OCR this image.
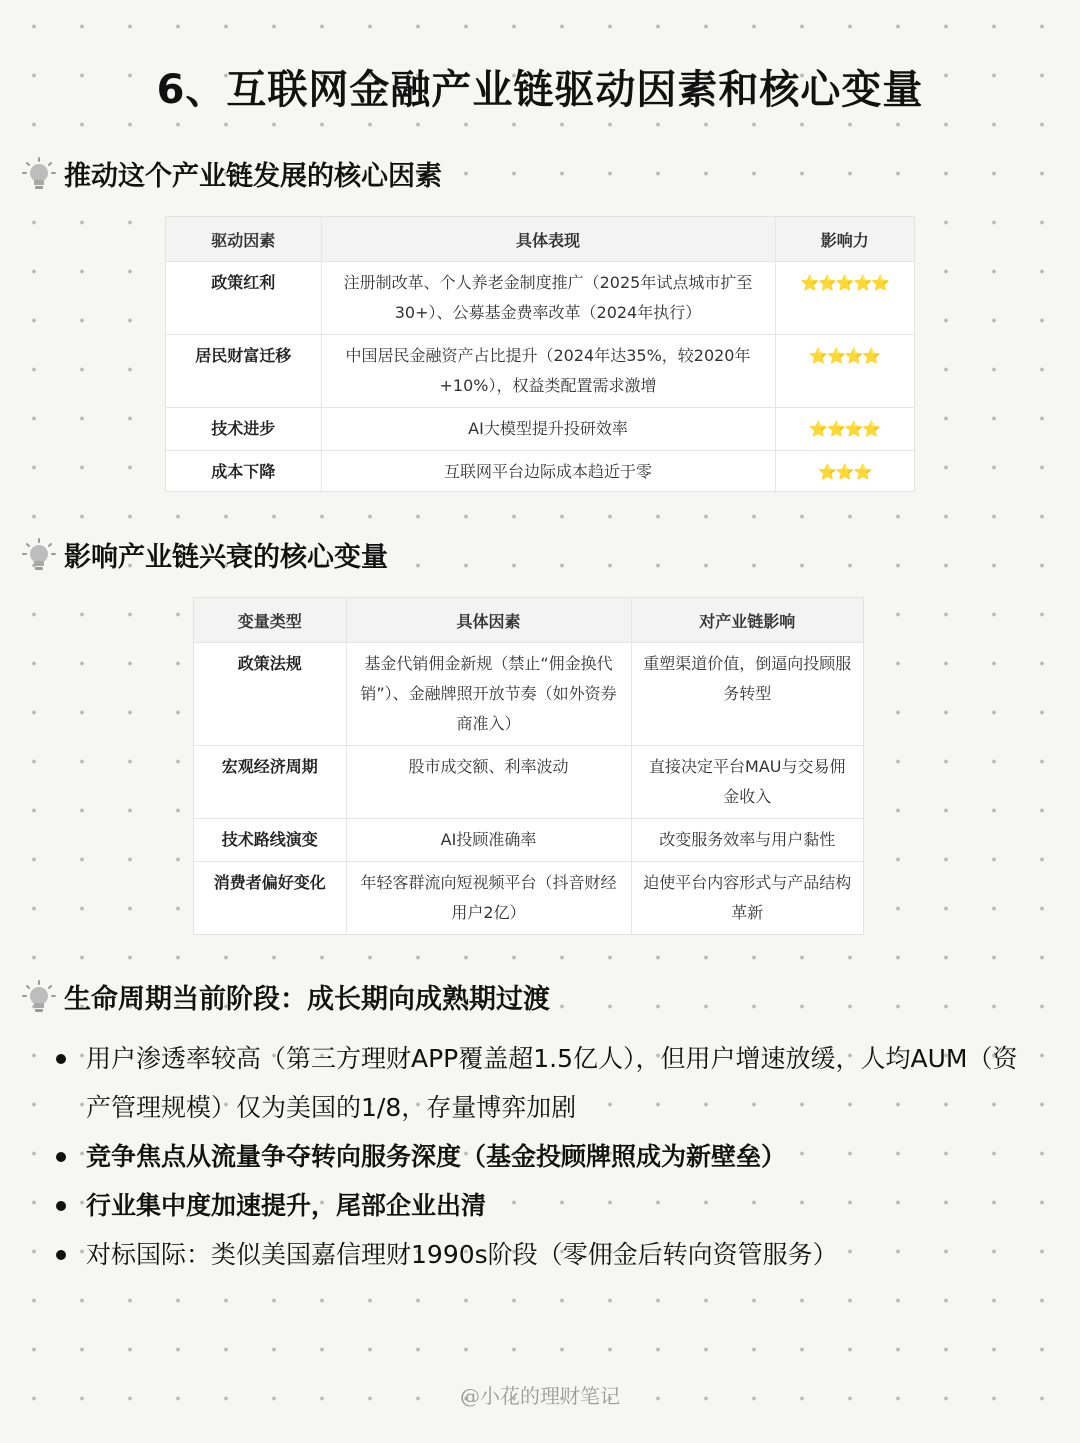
6、互联网金融产业链驱动因素和核心变量
推动这个产业链发展的核心因素
驱动因素	具体表现	影响力
政策红利	注册制改革、个人养老金制度推广（2025年试点城市扩至30+）、公募基金费率改革（2024年执行）	⭐⭐⭐⭐⭐
居民财富迁移	中国居民金融资产占比提升（2024年达35%，较2020年+10%），权益类配置需求激增	⭐⭐⭐⭐
技术进步	AI大模型提升投研效率	⭐⭐⭐⭐
成本下降	互联网平台边际成本趋近于零	⭐⭐⭐
影响产业链兴衰的核心变量
变量类型	具体因素	对产业链影响
政策法规	基金代销佣金新规（禁止“佣金换代销”）、金融牌照开放节奏（如外资券商准入）	重塑渠道价值，倒逼向投顾服务转型
宏观经济周期	股市成交额、利率波动	直接决定平台MAU与交易佣金收入
技术路线演变	AI投顾准确率	改变服务效率与用户黏性
消费者偏好变化	年轻客群流向短视频平台（抖音财经用户2亿）	迫使平台内容形式与产品结构革新
生命周期当前阶段：成长期向成熟期过渡
用户渗透率较高（第三方理财APP覆盖超1.5亿人），但用户增速放缓，人均AUM（资产管理规模）仅为美国的1/8，存量博弈加剧
竞争焦点从流量争夺转向服务深度（基金投顾牌照成为新壁垒）
行业集中度加速提升，尾部企业出清
对标国际：类似美国嘉信理财1990s阶段（零佣金后转向资管服务）
@小花的理财笔记
